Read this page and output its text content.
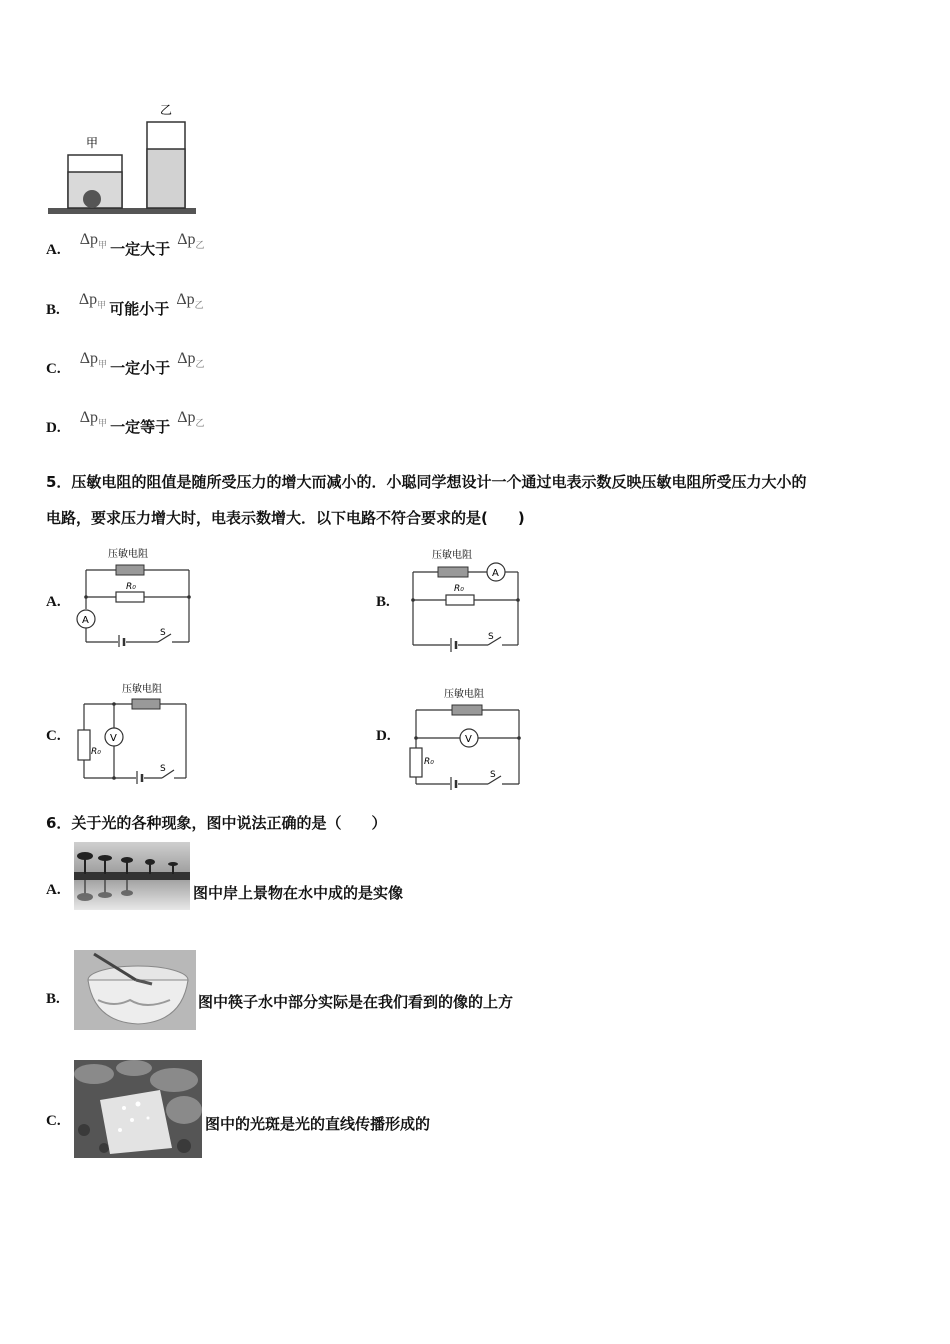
甲
乙
A. $\Delta p_甲$ 一定大于 $\Delta p_乙$
B. $\Delta p_甲$ 可能小于 $\Delta p_乙$
C. $\Delta p_甲$ 一定小于 $\Delta p_乙$
D. $\Delta p_甲$ 一定等于 $\Delta p_乙$
5．压敏电阻的阻值是随所受压力的增大而减小的．小聪同学想设计一个通过电表示数反映压敏电阻所受压力大小的
电路，要求压力增大时，电表示数增大．以下电路不符合要求的是(　　)
A.
压敏电阻
R₀
A
S
B.
压敏电阻
R₀
A
S
C.
压敏电阻
R₀
V
S
D.
压敏电阻
R₀
V
S
6．关于光的各种现象，图中说法正确的是（　　）
A.	图中岸上景物在水中成的是实像
B.	图中筷子水中部分实际是在我们看到的像的上方
C.	图中的光斑是光的直线传播形成的
